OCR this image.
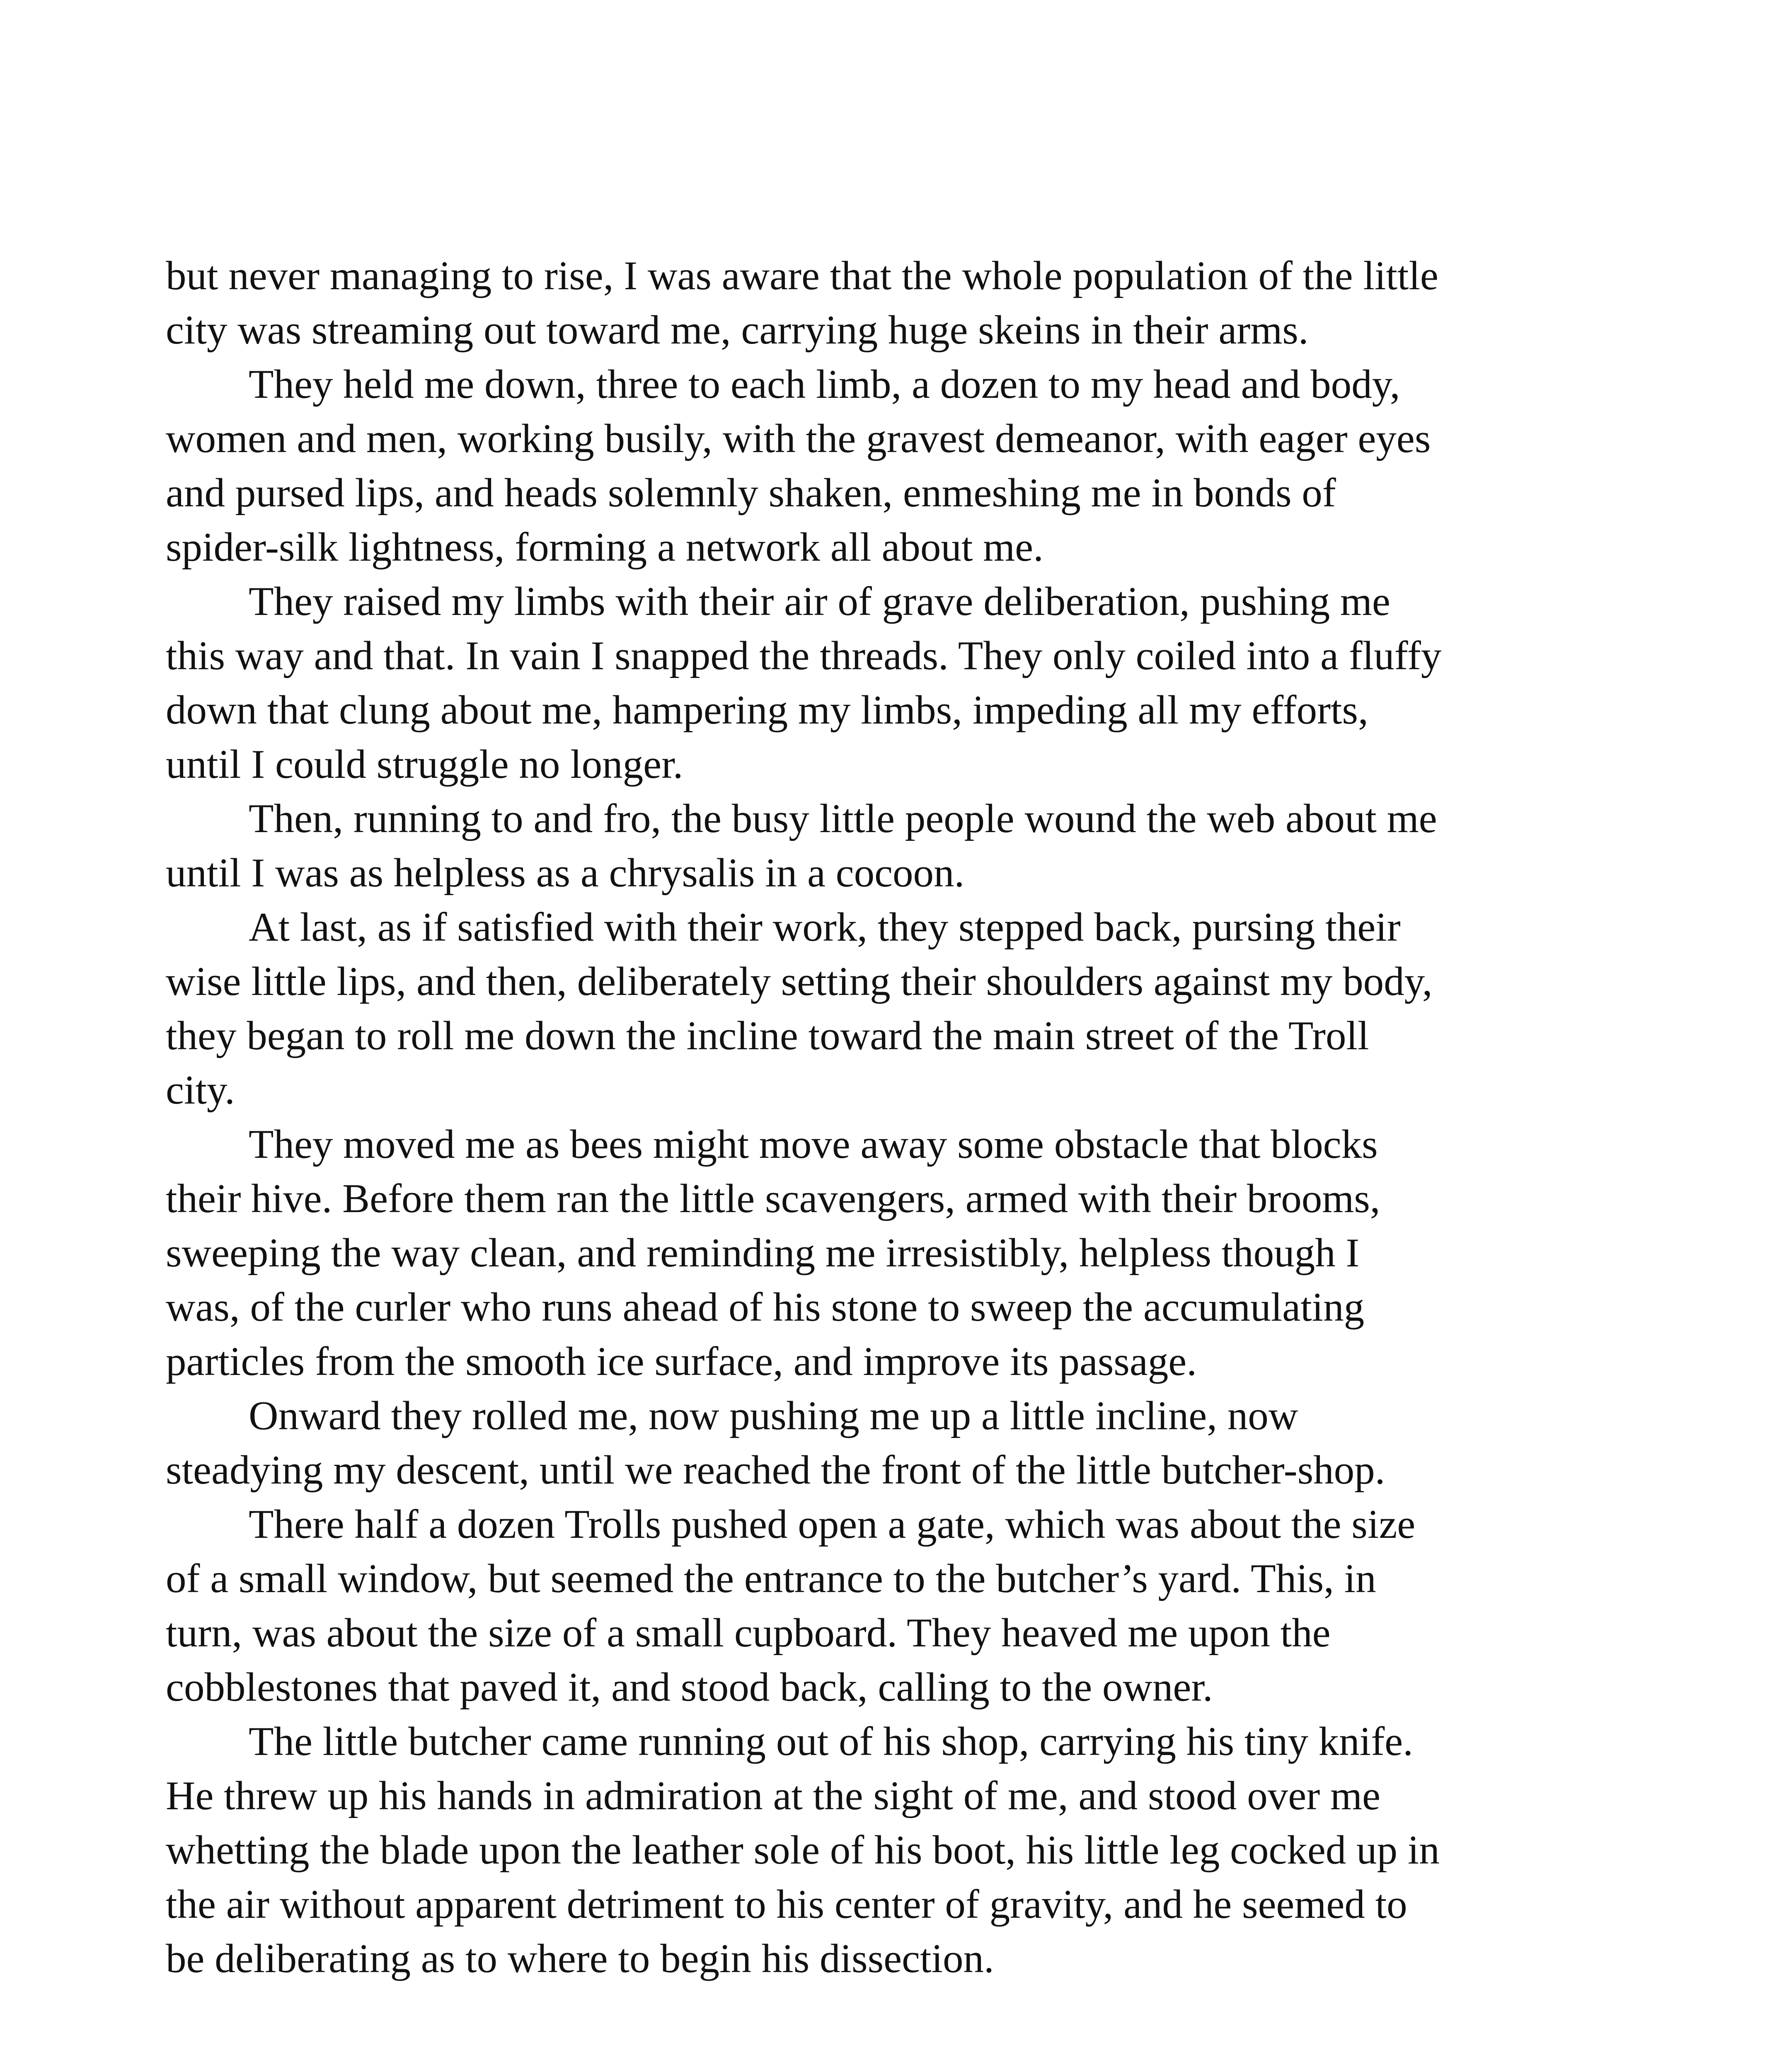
but never managing to rise, I was aware that the whole population of the little
city was streaming out toward me, carrying huge skeins in their arms.
They held me down, three to each limb, a dozen to my head and body,
women and men, working busily, with the gravest demeanor, with eager eyes
and pursed lips, and heads solemnly shaken, enmeshing me in bonds of
spider-silk lightness, forming a network all about me.
They raised my limbs with their air of grave deliberation, pushing me
this way and that. In vain I snapped the threads. They only coiled into a fluffy
down that clung about me, hampering my limbs, impeding all my efforts,
until I could struggle no longer.
Then, running to and fro, the busy little people wound the web about me
until I was as helpless as a chrysalis in a cocoon.
At last, as if satisfied with their work, they stepped back, pursing their
wise little lips, and then, deliberately setting their shoulders against my body,
they began to roll me down the incline toward the main street of the Troll
city.
They moved me as bees might move away some obstacle that blocks
their hive. Before them ran the little scavengers, armed with their brooms,
sweeping the way clean, and reminding me irresistibly, helpless though I
was, of the curler who runs ahead of his stone to sweep the accumulating
particles from the smooth ice surface, and improve its passage.
Onward they rolled me, now pushing me up a little incline, now
steadying my descent, until we reached the front of the little butcher-shop.
There half a dozen Trolls pushed open a gate, which was about the size
of a small window, but seemed the entrance to the butcher’s yard. This, in
turn, was about the size of a small cupboard. They heaved me upon the
cobblestones that paved it, and stood back, calling to the owner.
The little butcher came running out of his shop, carrying his tiny knife.
He threw up his hands in admiration at the sight of me, and stood over me
whetting the blade upon the leather sole of his boot, his little leg cocked up in
the air without apparent detriment to his center of gravity, and he seemed to
be deliberating as to where to begin his dissection.
